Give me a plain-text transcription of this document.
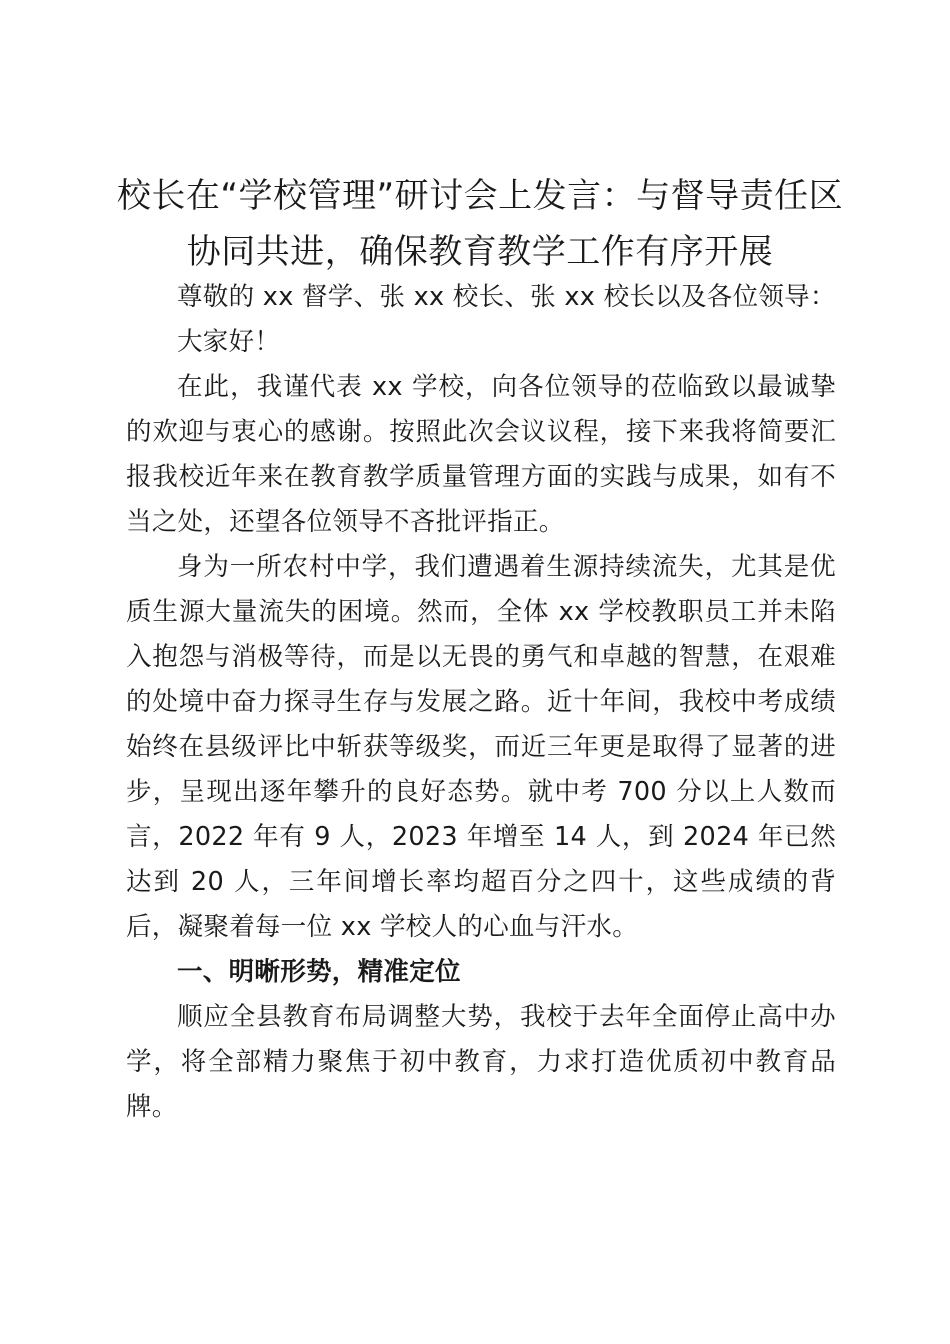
校长在“学校管理”研讨会上发言：与督导责任区协同共进，确保教育教学工作有序开展

尊敬的 xx 督学、张 xx 校长、张 xx 校长以及各位领导：

大家好！

在此，我谨代表 xx 学校，向各位领导的莅临致以最诚挚的欢迎与衷心的感谢。按照此次会议议程，接下来我将简要汇报我校近年来在教育教学质量管理方面的实践与成果，如有不当之处，还望各位领导不吝批评指正。

身为一所农村中学，我们遭遇着生源持续流失，尤其是优质生源大量流失的困境。然而，全体 xx 学校教职员工并未陷入抱怨与消极等待，而是以无畏的勇气和卓越的智慧，在艰难的处境中奋力探寻生存与发展之路。近十年间，我校中考成绩始终在县级评比中斩获等级奖，而近三年更是取得了显著的进步，呈现出逐年攀升的良好态势。就中考 700 分以上人数而言，2022 年有 9 人，2023 年增至 14 人，到 2024 年已然达到 20 人，三年间增长率均超百分之四十，这些成绩的背后，凝聚着每一位 xx 学校人的心血与汗水。

一、明晰形势，精准定位

顺应全县教育布局调整大势，我校于去年全面停止高中办学，将全部精力聚焦于初中教育，力求打造优质初中教育品牌。
